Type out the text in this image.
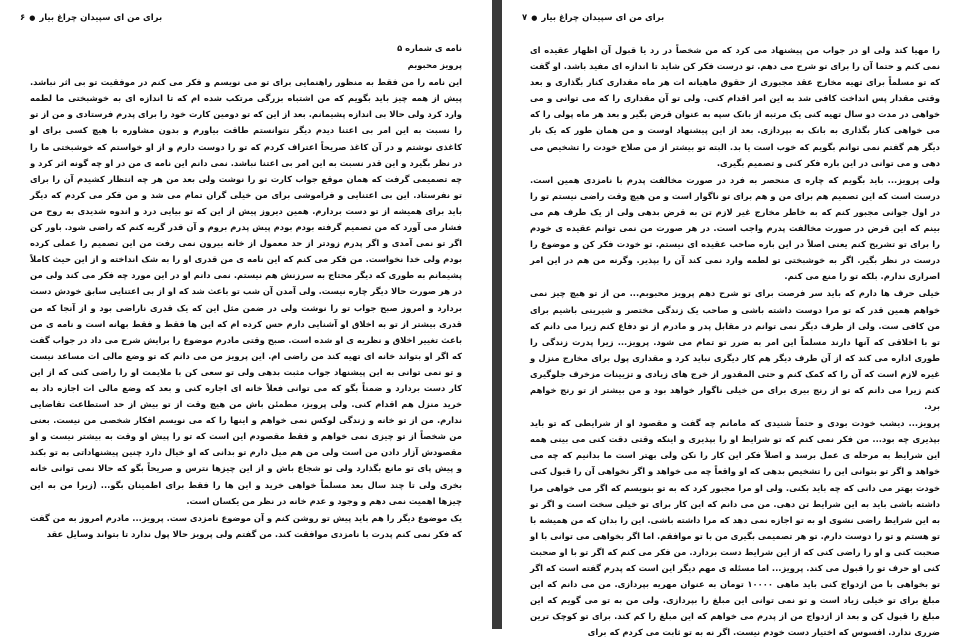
۶ ● برای من ای سپیدان چراغ بیار

نامه ی شماره ۵

پرویز محبوبم

این نامه را من فقط به منظور راهنمایی برای تو می نویسم و فکر می کنم در موفقیت تو بی اثر نباشد. پیش از همه چیز باید بگویم که من اشتباه بزرگی مرتکب شده ام که تا اندازه ای به خوشبختی ما لطمه وارد کرد ولی حالا بی اندازه پشیمانم. بعد از این که تو دومین کارت خود را برای پدرم فرستادی و من از تو را نسبت به این امر بی اعتنا دیدم دیگر نتوانستم طاقت بیاورم و بدون مشاوره با هیچ کسی برای او کاغذی نوشتم و در آن کاغذ صریحاً اعتراف کردم که تو را دوست دارم و از او خواستم که خوشبختی ما را در نظر بگیرد و این قدر نسبت به این امر بی اعتنا نباشد. نمی دانم این نامه ی من در او چه گونه اثر کرد و چه تصمیمی گرفت که همان موقع جواب کارت تو را نوشت ولی بعد من هر چه انتظار کشیدم آن را برای تو نفرستاد. این بی اعتنایی و فراموشی برای من خیلی گران تمام می شد و من فکر می کردم که دیگر باید برای همیشه از تو دست بردارم. همین دیروز پیش از این که تو بیایی درد و اندوه شدیدی به روح من فشار می آورد که من تصمیم گرفته بودم بودم پیش پدرم بروم و آن قدر گریه کنم که راضی شود. باور کن اگر تو نمی آمدی و اگر پدرم زودتر از حد معمول از خانه بیرون نمی رفت من این تصمیم را عملی کرده بودم ولی خدا نخواست. من فکر می کنم که این نامه ی من قدری او را به شک انداخته و از این حیث کاملاً پشیمانم به طوری که دیگر محتاج به سرزنش هم نیستم. نمی دانم او در این مورد چه فکر می کند ولی من در هر صورت حالا دیگر چاره نیست. ولی آمدن آن شب تو باعث شد که او از بی اعتنایی سابق خودش دست بردارد و امروز صبح جواب تو را نوشت ولی در ضمن مثل این که یک قدری ناراضی بود و از آنجا که من قدری بیشتر از تو به اخلاق او آشنایی دارم حس کرده ام که این ها فقط و فقط بهانه است و نامه ی من باعث تغییر اخلاق و نظریه ی او شده است. صبح وقتی مادرم موضوع را برایش شرح می داد در جواب گفت که اگر او بتواند خانه ای تهیه کند من راضی ام. این پرویز من می دانم که تو وضع مالی ات مساعد نیست و تو نمی توانی به این پیشنهاد جواب مثبت بدهی ولی تو سعی کن با ملایمت او را راضی کنی که از این کار دست بردارد و ضمناً بگو که می توانی فعلاً خانه ای اجاره کنی و بعد که وضع مالی ات اجازه داد به خرید منزل هم اقدام کنی. ولی پرویز، مطمئن باش من هیچ وقت از تو بیش از حد استطاعت تقاضایی ندارم. من از تو خانه و زندگی لوکس نمی خواهم و اینها را که می نویسم افکار شخصی من نیست. بعنی من شخصاً از تو چیزی نمی خواهم و فقط مقصودم این است که تو را پیش او وقت به بیشتر نیست و او مقصودش آزار دادن من است ولی من هم میل دارم تو بدانی که او خیال دارد چنین پیشنهاداتی به تو بکند و پیش پای تو مانع بگذارد ولی تو شجاع باش و از این چیزها نترس و صریحاً بگو که حالا نمی توانی خانه بخری ولی تا چند سال بعد مسلماً خواهی خرید و این ها را فقط برای اطمینان بگو... (زیرا من به این چیزها اهمیت نمی دهم و وجود و عدم خانه در نظر من یکسان است.

یک موضوع دیگر را هم باید پیش تو روشن کنم و آن موضوع نامزدی ست. پرویز... مادرم امروز به من گفت که فکر نمی کنم پدرت با نامزدی موافقت کند. من گفتم ولی پرویز حالا پول ندارد تا بتواند وسایل عقد

۷ ● برای من ای سپیدان چراغ بیار

را مهیا کند ولی او در جواب من پیشنهاد می کرد که من شخصاً در رد یا قبول آن اظهار عقیده ای نمی کنم و حتما آن را برای تو شرح می دهم. تو درست فکر کن شاید تا اندازه ای مفید باشد. او گفت که تو مسلماً برای تهیه مخارج عقد مجبوری از حقوق ماهیانه ات هر ماه مقداری کنار بگذاری و بعد وقتی مقدار پس انداخت کافی شد به این امر اقدام کنی. ولی تو آن مقداری را که می توانی و می خواهی در مدت دو سال تهیه کنی یک مرتبه از بانک سپه به عنوان قرض بگیر و بعد هر ماه پولی را که می خواهی کنار بگذاری به بانک به بپردازی. بعد از این پیشنهاد اوست و من همان طور که یک بار دیگر هم گفتم نمی توانم بگویم که خوب است یا بد. البته تو بیشتر از من صلاح خودت را تشخیص می دهی و می توانی در این باره فکر کنی و تصمیم بگیری.

ولی پرویز... باید بگویم که چاره ی منحصر به فرد در صورت مخالفت پدرم با نامزدی همین است. درست است که این تصمیم هم برای من و هم برای تو ناگوار است و من هیچ وقت راضی نیستم تو را در اول جوانی مجبور کنم که به خاطر مخارج غیر لازم تن به قرض بدهی ولی از یک طرف هم می بینم که این قرض در صورت مخالفت پدرم واجب است. در هر صورت من نمی توانم عقیده ی خودم را برای تو تشریح کنم یعنی اصلاً در این باره صاحب عقیده ای نیستم. تو خودت فکر کن و موضوع را درست در نظر بگیر. اگر به خوشبختی تو لطمه وارد نمی کند آن را بپذیر. وگرنه من هم در این امر اصراری ندارم. بلکه تو را منع می کنم.

خیلی حرف ها دارم که باید سر فرصت برای تو شرح دهم پرویز محبوبم... من از تو هیچ چیز نمی خواهم همین قدر که تو مرا دوست داشته باشی و صاحب یک زندگی مختصر و شیرینی باشیم برای من کافی ست. ولی از طرف دیگر نمی توانم در مقابل پدر و مادرم از تو دفاع کنم زیرا می دانم که تو با اخلاقی که آنها دارند مسلماً این امر به ضرر تو تمام می شود. پرویز... زیرا پدرت زندگی را طوری اداره می کند که از آن طرف دیگر هم کار دیگری نباید کرد و مقداری پول برای مخارج منزل و غیره لازم است که آن را که کمک کنم و حتی المقدور از خرج های زیادی و تزیینات مزخرف جلوگیری کنم زیرا می دانم که تو از رنج بیری برای من خیلی ناگوار خواهد بود و من بیشتر از تو رنج خواهم برد.

پرویز... دیشب خودت بودی و حتماً شنیدی که مامانم چه گفت و مقصود او از شرایطی که تو باید بپذیری چه بود... من فکر نمی کنم که تو شرایط او را بپذیری و اینکه وقتی دقت کنی می بینی همه این شرایط به مرحله ی عمل برسد و اصلاً فکر این کار را نکن ولی بهتر است ما بدانیم که چه می خواهد و اگر تو بتوانی این را تشخیص بدهی که او واقعاً چه می خواهد و اگر نخواهی آن را قبول کنی خودت بهتر می دانی که چه باید بکنی. ولی او مرا مجبور کرد که به تو بنویسم که اگر می خواهی مرا داشته باشی باید به این شرایط تن دهی. من می دانم که این کار برای تو خیلی سخت است و اگر تو به این شرایط راضی نشوی او به تو اجازه نمی دهد که مرا داشته باشی. این را بدان که من همیشه با تو هستم و تو را دوست دارم. تو هر تصمیمی بگیری من با تو موافقم. اما اگر بخواهی می توانی با او صحبت کنی و او را راضی کنی که از این شرایط دست بردارد. من فکر می کنم که اگر تو با او صحبت کنی او حرف تو را قبول می کند. پرویز... اما مسئله ی مهم دیگر این است که پدرم گفته است که اگر تو بخواهی با من ازدواج کنی باید ماهی ۱۰۰۰۰ تومان به عنوان مهریه بپردازی. من می دانم که این مبلغ برای تو خیلی زیاد است و تو نمی توانی این مبلغ را بپردازی. ولی من به تو می گویم که این مبلغ را قبول کن و بعد از ازدواج من از پدرم می خواهم که این مبلغ را کم کند. برای تو کوچک ترین ضرری ندارد. افسوس که اختیار دست خودم نیست. اگر نه به تو ثابت می کردم که برای
